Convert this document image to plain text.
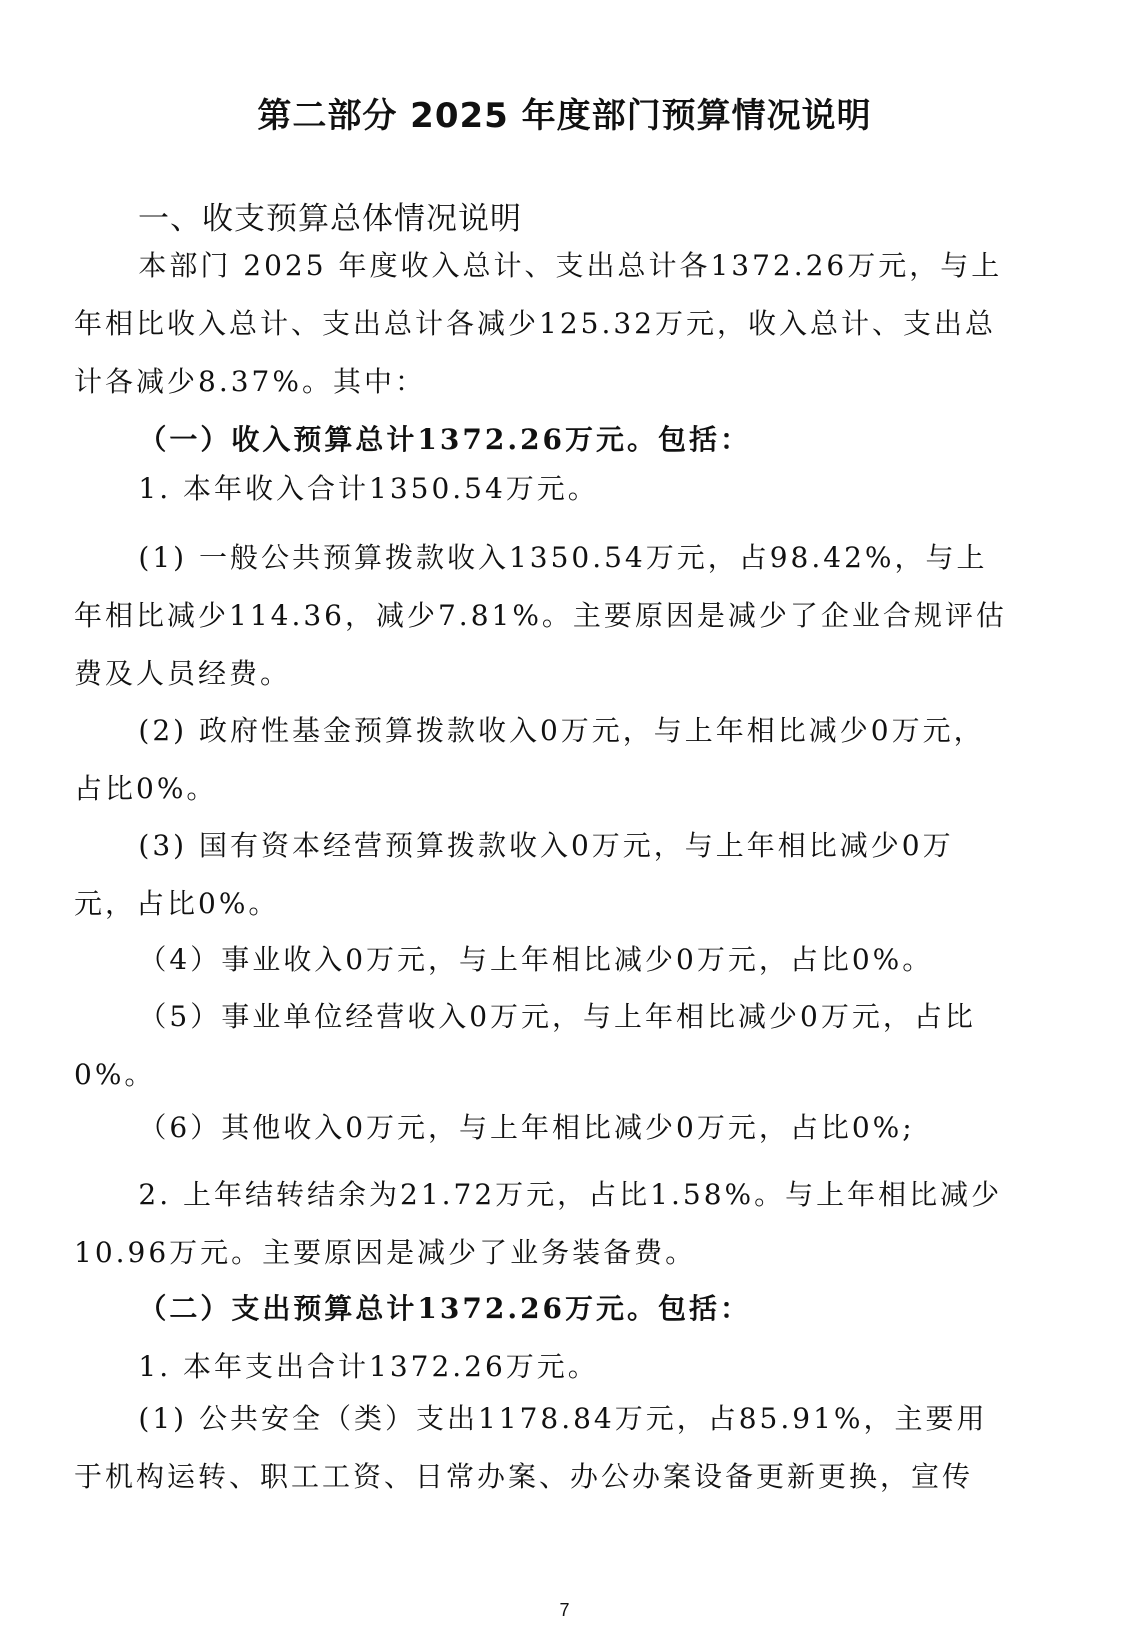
第二部分 2025 年度部门预算情况说明
一、收支预算总体情况说明

本部门 2025 年度收入总计、支出总计各1372.26万元，与上年相比收入总计、支出总计各减少125.32万元，收入总计、支出总计各减少8.37%。其中：

（一）收入预算总计1372.26万元。包括：

1. 本年收入合计1350.54万元。

(1) 一般公共预算拨款收入1350.54万元，占98.42%，与上年相比减少114.36，减少7.81%。主要原因是减少了企业合规评估费及人员经费。

(2) 政府性基金预算拨款收入0万元，与上年相比减少0万元，占比0%。

(3) 国有资本经营预算拨款收入0万元，与上年相比减少0万元，占比0%。

（4）事业收入0万元，与上年相比减少0万元，占比0%。

（5）事业单位经营收入0万元，与上年相比减少0万元，占比0%。

（6）其他收入0万元，与上年相比减少0万元，占比0%;

2. 上年结转结余为21.72万元，占比1.58%。与上年相比减少10.96万元。主要原因是减少了业务装备费。

（二）支出预算总计1372.26万元。包括：

1. 本年支出合计1372.26万元。

(1) 公共安全（类）支出1178.84万元，占85.91%，主要用于机构运转、职工工资、日常办案、办公办案设备更新更换，宣传

7
